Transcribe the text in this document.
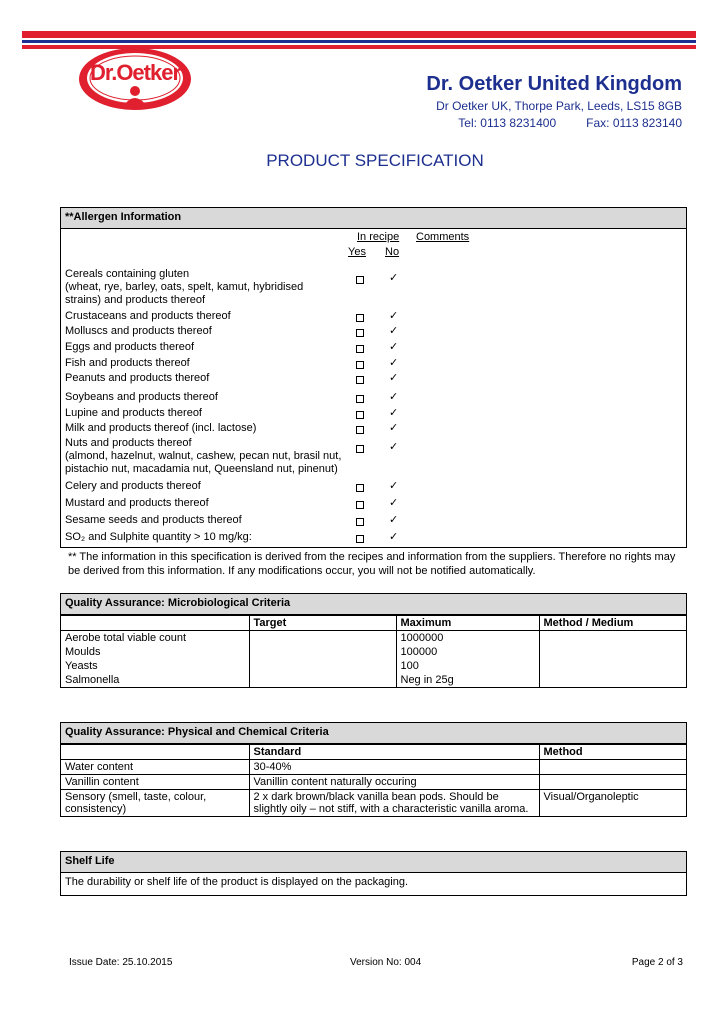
Dr.Oetker	Dr. Oetker United Kingdom
Dr Oetker UK, Thorpe Park, Leeds, LS15 8GB
Tel: 0113 8231400	Fax: 0113 823140
PRODUCT SPECIFICATION
**Allergen Information
In recipe Comments
Yes No
Cereals containing gluten
(wheat, rye, barley, oats, spelt, kamut, hybridised
strains) and products thereof
✓
Crustaceans and products thereof	✓
Molluscs and products thereof	✓
Eggs and products thereof	✓
Fish and products thereof	✓
Peanuts and products thereof	✓
Soybeans and products thereof	✓
Lupine and products thereof	✓
Milk and products thereof (incl. lactose)	✓
Nuts and products thereof
(almond, hazelnut, walnut, cashew, pecan nut, brasil nut,
pistachio nut, macadamia nut, Queensland nut, pinenut)
✓
Celery and products thereof	✓
Mustard and products thereof	✓
Sesame seeds and products thereof	✓
SO₂ and Sulphite quantity > 10 mg/kg:	✓
** The information in this specification is derived from the recipes and information from the suppliers. Therefore no rights may
be derived from this information. If any modifications occur, you will not be notified automatically.
Quality Assurance: Microbiological Criteria
	Target	Maximum	Method / Medium
Aerobe total viable count		1000000	
Moulds		100000	
Yeasts		100	
Salmonella		Neg in 25g	
Quality Assurance: Physical and Chemical Criteria
	Standard	Method
Water content	30-40%	
Vanillin content	Vanillin content naturally occuring	
Sensory (smell, taste, colour, consistency)	2 x dark brown/black vanilla bean pods. Should be slightly oily – not stiff, with a characteristic vanilla aroma.	Visual/Organoleptic
Shelf Life
The durability or shelf life of the product is displayed on the packaging.
Issue Date: 25.10.2015	Version No: 004	Page 2 of 3
